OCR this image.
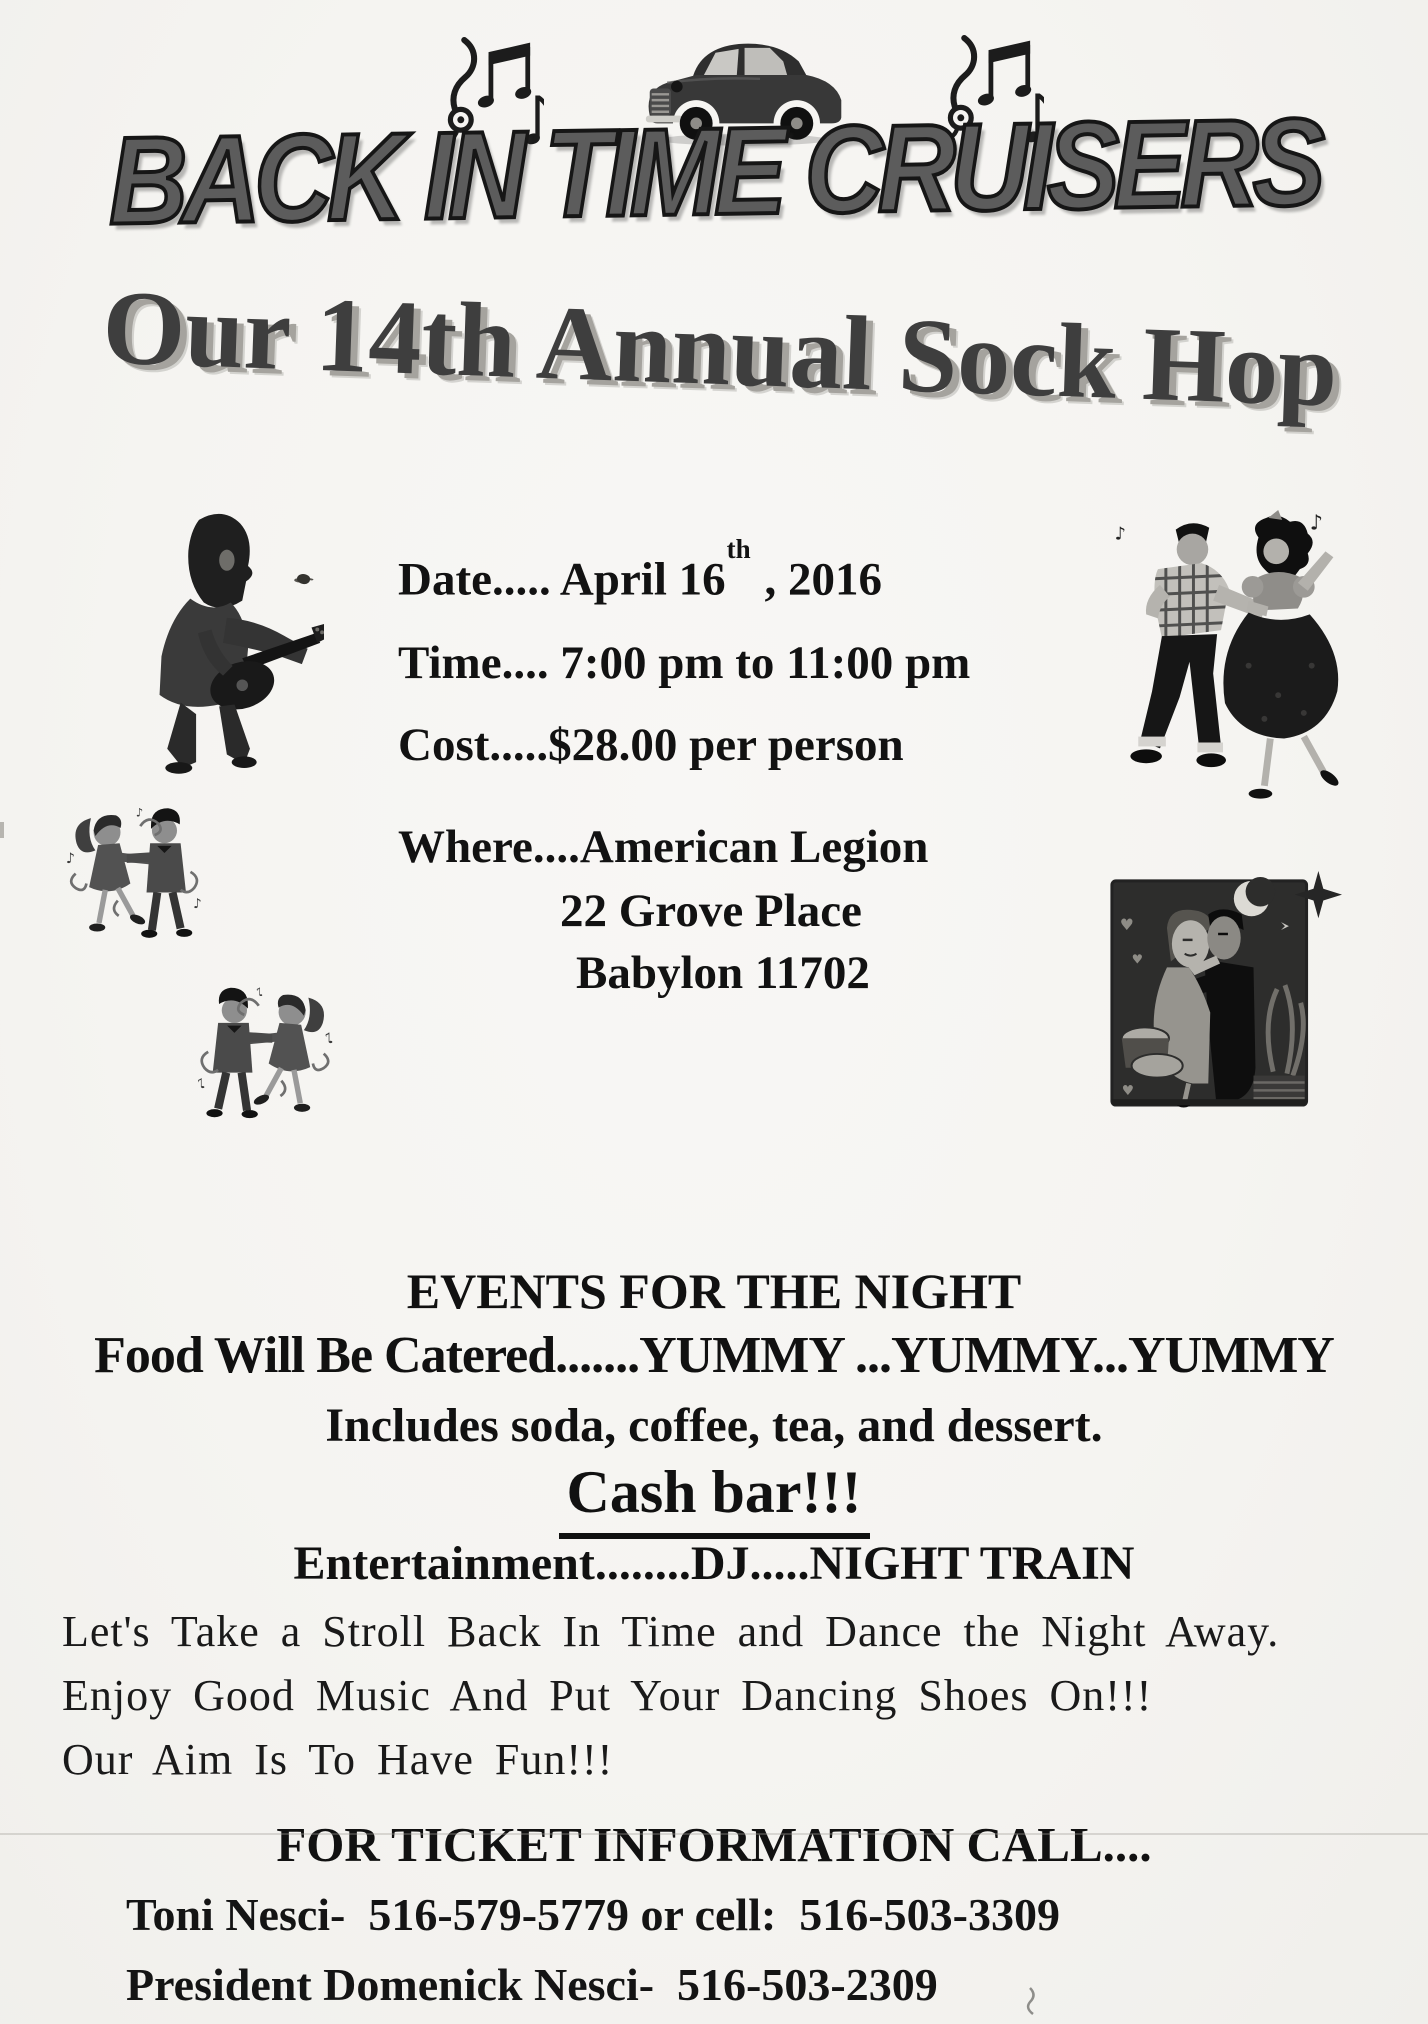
BACK IN TIME CRUISERS
Our 14th Annual Sock Hop
♪	♪
♥
♥
♥
Date..... April 16th , 2016
Time.... 7:00 pm to 11:00 pm
Cost.....$28.00 per person
Where....American Legion
22 Grove Place
Babylon 11702
EVENTS FOR THE NIGHT
Food Will Be Catered.......YUMMY ...YUMMY...YUMMY
Includes soda, coffee, tea, and dessert.
Cash bar!!!
Entertainment........DJ.....NIGHT TRAIN
Let's Take a Stroll Back In Time and Dance the Night Away.
Enjoy Good Music And Put Your Dancing Shoes On!!!
Our Aim Is To Have Fun!!!
FOR TICKET INFORMATION CALL....
Toni Nesci-  516-579-5779 or cell:  516-503-3309
President Domenick Nesci-  516-503-2309
